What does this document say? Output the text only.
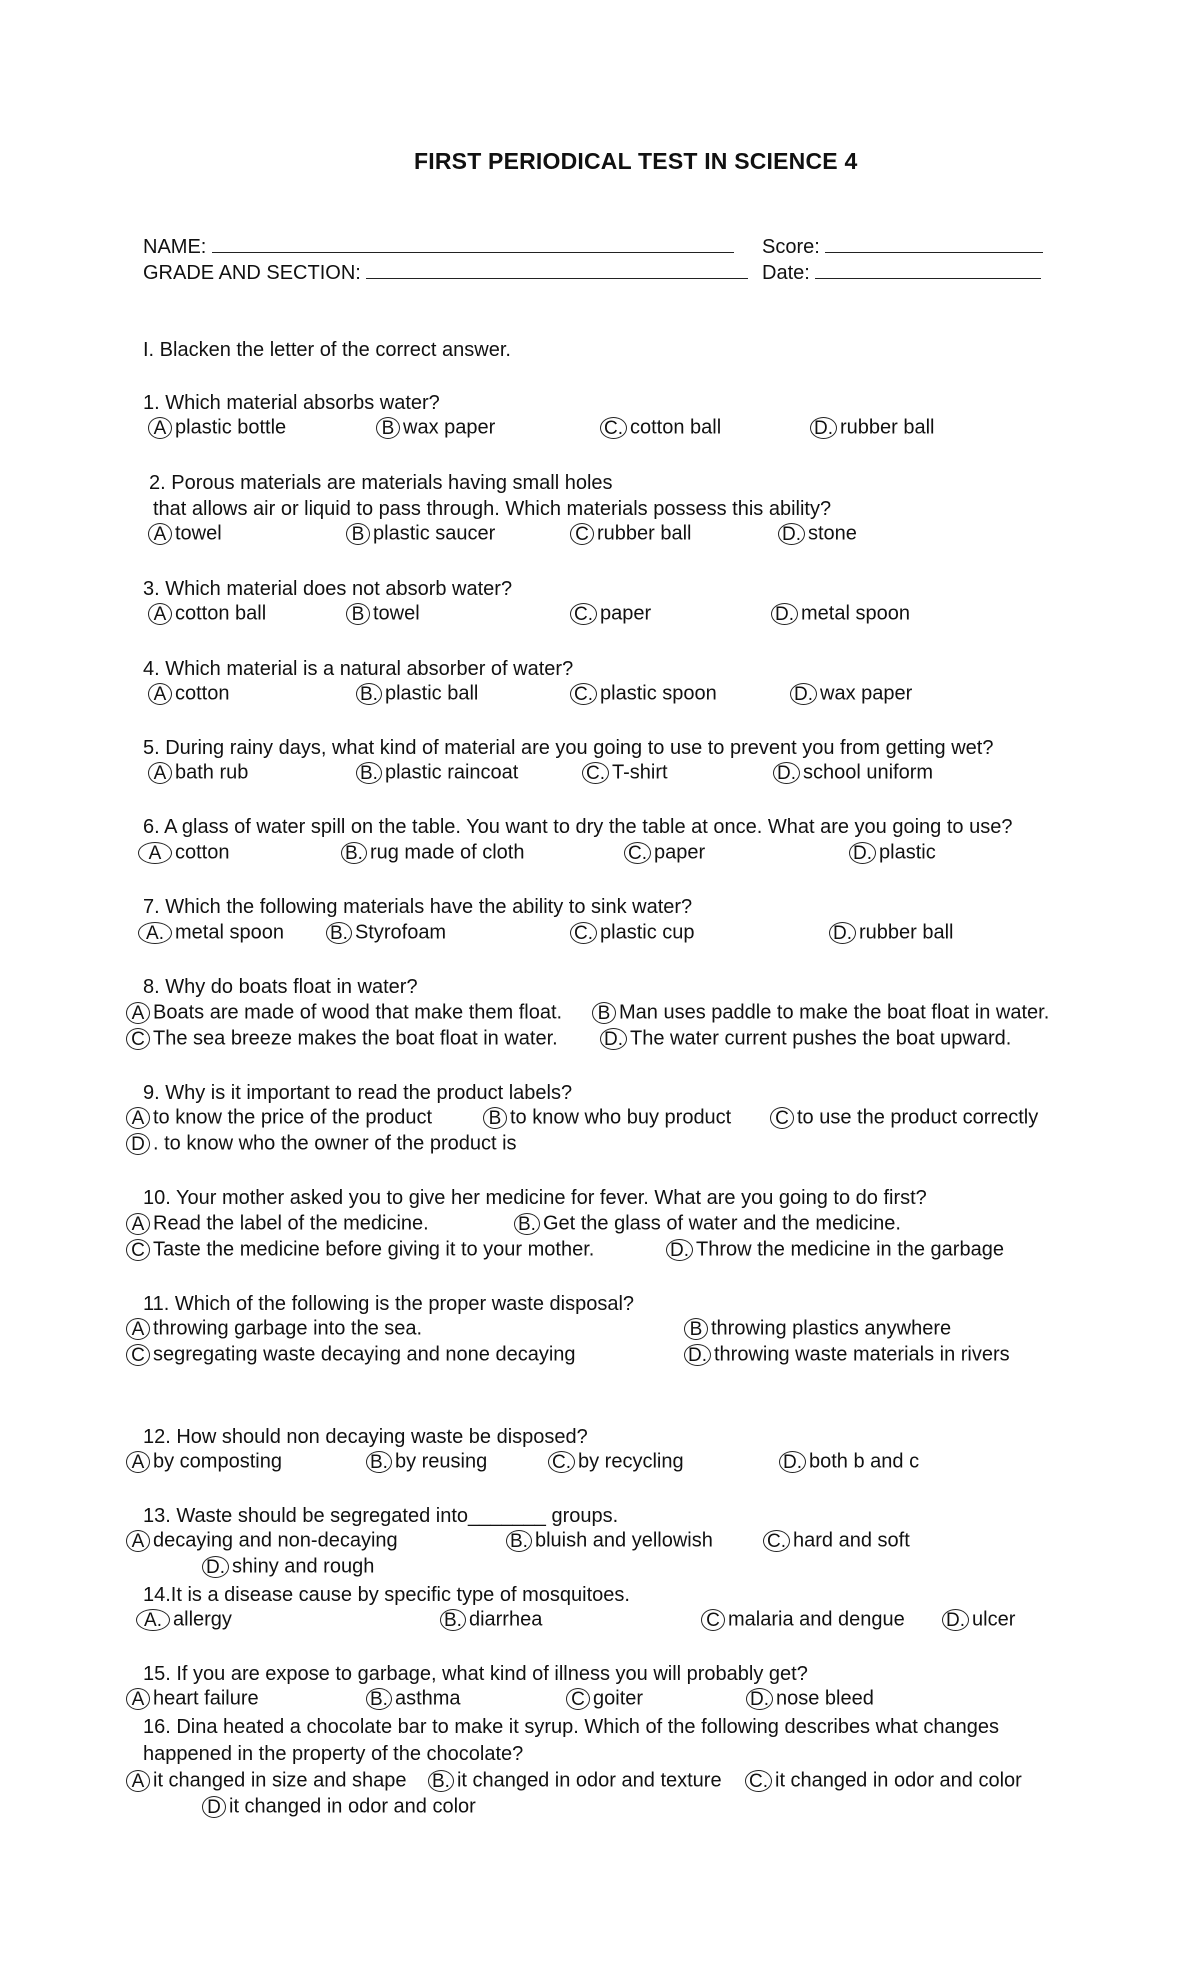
FIRST PERIODICAL TEST IN SCIENCE 4
NAME:	Score:
GRADE AND SECTION:	Date:
I. Blacken the letter of the correct answer.
1. Which material absorbs water?
2. Porous materials are materials having small holes
that allows air or liquid to pass through. Which materials possess this ability?
3. Which material does not absorb water?
4. Which material is a natural absorber of water?
5. During rainy days, what kind of material are you going to use to prevent you from getting wet?
6. A glass of water spill on the table. You want to dry the table at once. What are you going to use?
7. Which the following materials have the ability to sink water?
8. Why do boats float in water?
9. Why is it important to read the product labels?
10. Your mother asked you to give her medicine for fever. What are you going to do first?
11. Which of the following is the proper waste disposal?
12. How should non decaying waste be disposed?
13. Waste should be segregated into_______ groups.
14.It is a disease cause by specific type of mosquitoes.
15. If you are expose to garbage, what kind of illness you will probably get?
16. Dina heated a chocolate bar to make it syrup. Which of the following describes what changes
happened in the property of the chocolate?
A plastic bottle	B wax paper	C. cotton ball	D. rubber ball
A towel	B plastic saucer	C rubber ball	D. stone
A cotton ball	B towel	C. paper	D. metal spoon
A cotton	B. plastic ball	C. plastic spoon	D. wax paper
A bath rub	B. plastic raincoat	C. T-shirt	D. school uniform
A cotton	B. rug made of cloth	C. paper	D. plastic
A. metal spoon B. Styrofoam	C. plastic cup	D. rubber ball
A Boats are made of wood that make them float. B Man uses paddle to make the boat float in water.
C The sea breeze makes the boat float in water. D. The water current pushes the boat upward.
A to know the price of the product	B to know who buy product C to use the product correctly
D . to know who the owner of the product is
A Read the label of the medicine.	B. Get the glass of water and the medicine.
C Taste the medicine before giving it to your mother.	D. Throw the medicine in the garbage
A throwing garbage into the sea.	B throwing plastics anywhere
C segregating waste decaying and none decaying	D. throwing waste materials in rivers
A by composting	B. by reusing	C. by recycling	D. both b and c
A decaying and non-decaying	B. bluish and yellowish	C. hard and soft
D. shiny and rough
A. allergy	B. diarrhea	C malaria and dengue D. ulcer
A heart failure	B. asthma	C goiter	D. nose bleed
A it changed in size and shape B. it changed in odor and texture C. it changed in odor and color
D it changed in odor and color
